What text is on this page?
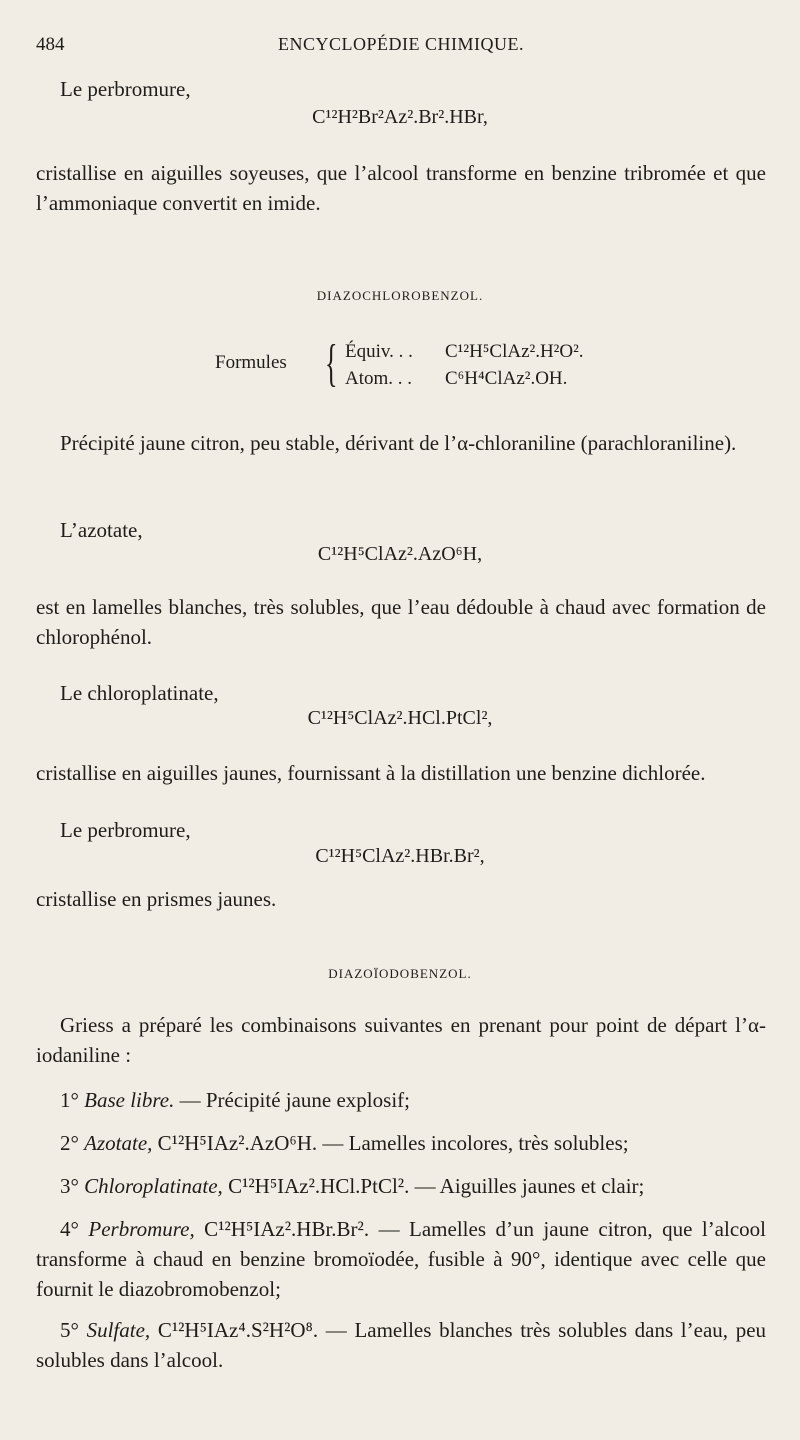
484	ENCYCLOPÉDIE CHIMIQUE.
Le perbromure,
C¹²H²Br²Az².Br².HBr,
cristallise en aiguilles soyeuses, que l’alcool transforme en benzine tribromée et que l’ammoniaque convertit en imide.
DIAZOCHLOROBENZOL.
Formules { Équiv. . . C¹²H⁵ClAz².H²O².
Atom. . . C⁶H⁴ClAz².OH.
Précipité jaune citron, peu stable, dérivant de l’α-chloraniline (parachloraniline).
L’azotate,
C¹²H⁵ClAz².AzO⁶H,
est en lamelles blanches, très solubles, que l’eau dédouble à chaud avec formation de chlorophénol.
Le chloroplatinate,
C¹²H⁵ClAz².HCl.PtCl²,
cristallise en aiguilles jaunes, fournissant à la distillation une benzine dichlorée.
Le perbromure,
C¹²H⁵ClAz².HBr.Br²,
cristallise en prismes jaunes.
DIAZOÏODOBENZOL.
Griess a préparé les combinaisons suivantes en prenant pour point de départ l’α-iodaniline :
1° Base libre. — Précipité jaune explosif;
2° Azotate, C¹²H⁵IAz².AzO⁶H. — Lamelles incolores, très solubles;
3° Chloroplatinate, C¹²H⁵IAz².HCl.PtCl². — Aiguilles jaunes et clair;
4° Perbromure, C¹²H⁵IAz².HBr.Br². — Lamelles d’un jaune citron, que l’alcool transforme à chaud en benzine bromoïodée, fusible à 90°, identique avec celle que fournit le diazobromobenzol;
5° Sulfate, C¹²H⁵IAz⁴.S²H²O⁸. — Lamelles blanches très solubles dans l’eau, peu solubles dans l’alcool.
